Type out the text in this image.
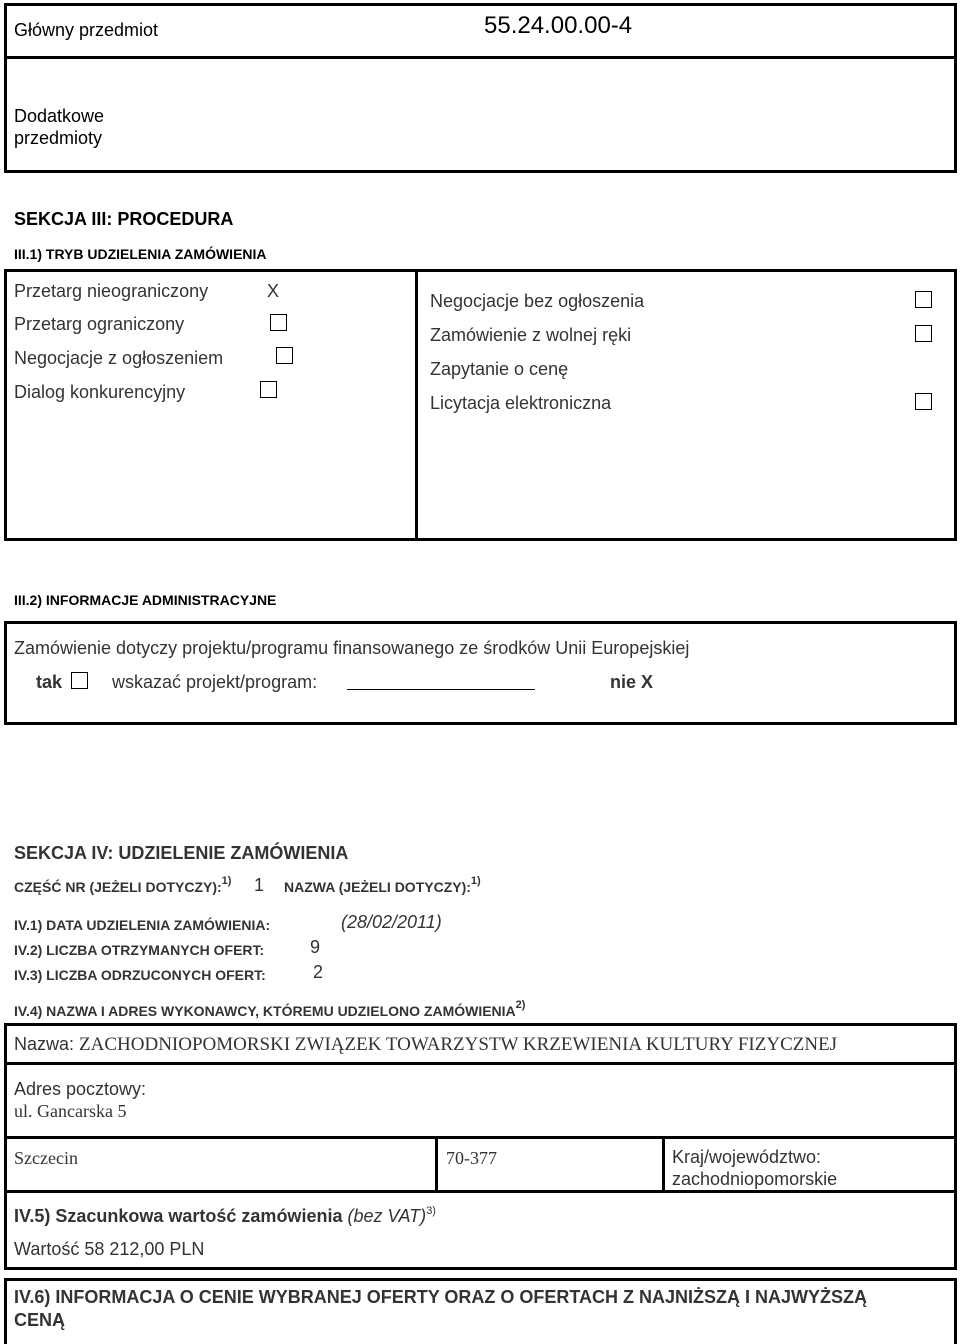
Główny przedmiot	55.24.00.00-4
Dodatkowe
przedmioty
SEKCJA III: PROCEDURA
III.1) TRYB UDZIELENIA ZAMÓWIENIA
Przetarg nieograniczony	X
Przetarg ograniczony
Negocjacje z ogłoszeniem
Dialog konkurencyjny
Negocjacje bez ogłoszenia
Zamówienie z wolnej ręki
Zapytanie o cenę
Licytacja elektroniczna
III.2) INFORMACJE ADMINISTRACYJNE
Zamówienie dotyczy projektu/programu finansowanego ze środków Unii Europejskiej
tak	wskazać projekt/program:	nie X
SEKCJA IV: UDZIELENIE ZAMÓWIENIA
CZĘŚĆ NR (JEŻELI DOTYCZY):$^{1)}$ 1 NAZWA (JEŻELI DOTYCZY):$^{1)}$
IV.1) DATA UDZIELENIA ZAMÓWIENIA:	(28/02/2011)
IV.2) LICZBA OTRZYMANYCH OFERT:	9
IV.3) LICZBA ODRZUCONYCH OFERT:	2
IV.4) NAZWA I ADRES WYKONAWCY, KTÓREMU UDZIELONO ZAMÓWIENIA$^{2)}$
Nazwa: ZACHODNIOPOMORSKI ZWIĄZEK TOWARZYSTW KRZEWIENIA KULTURY FIZYCZNEJ
Adres pocztowy:
ul. Gancarska 5
Szczecin	70-377	Kraj/województwo:
zachodniopomorskie
IV.5) Szacunkowa wartość zamówienia (bez VAT)$^{3)}$
Wartość 58 212,00 PLN
IV.6) INFORMACJA O CENIE WYBRANEJ OFERTY ORAZ O OFERTACH Z NAJNIŻSZĄ I NAJWYŻSZĄ
CENĄ
